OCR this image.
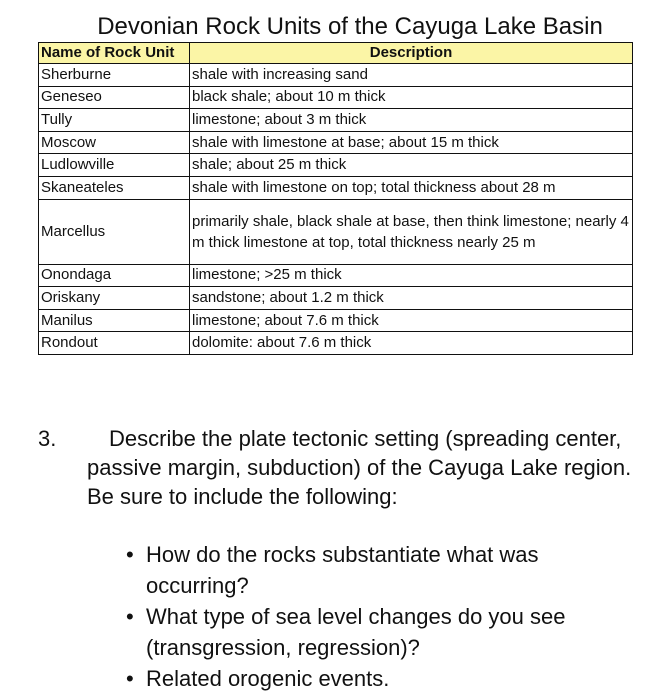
Devonian Rock Units of the Cayuga Lake Basin
Name of Rock Unit	Description
Sherburne	shale with increasing sand
Geneseo	black shale; about 10 m thick
Tully	limestone; about 3 m thick
Moscow	shale with limestone at base; about 15 m thick
Ludlowville	shale; about 25 m thick
Skaneateles	shale with limestone on top; total thickness about 28 m
Marcellus	primarily shale, black shale at base, then think limestone; nearly 4 m thick limestone at top, total thickness nearly 25 m
Onondaga	limestone; >25 m thick
Oriskany	sandstone; about 1.2 m thick
Manilus	limestone; about 7.6 m thick
Rondout	dolomite: about 7.6 m thick
3.	Describe the plate tectonic setting (spreading center, passive margin, subduction) of the Cayuga Lake region. Be sure to include the following:
• How do the rocks substantiate what was occurring?
• What type of sea level changes do you see (transgression, regression)?
• Related orogenic events.
